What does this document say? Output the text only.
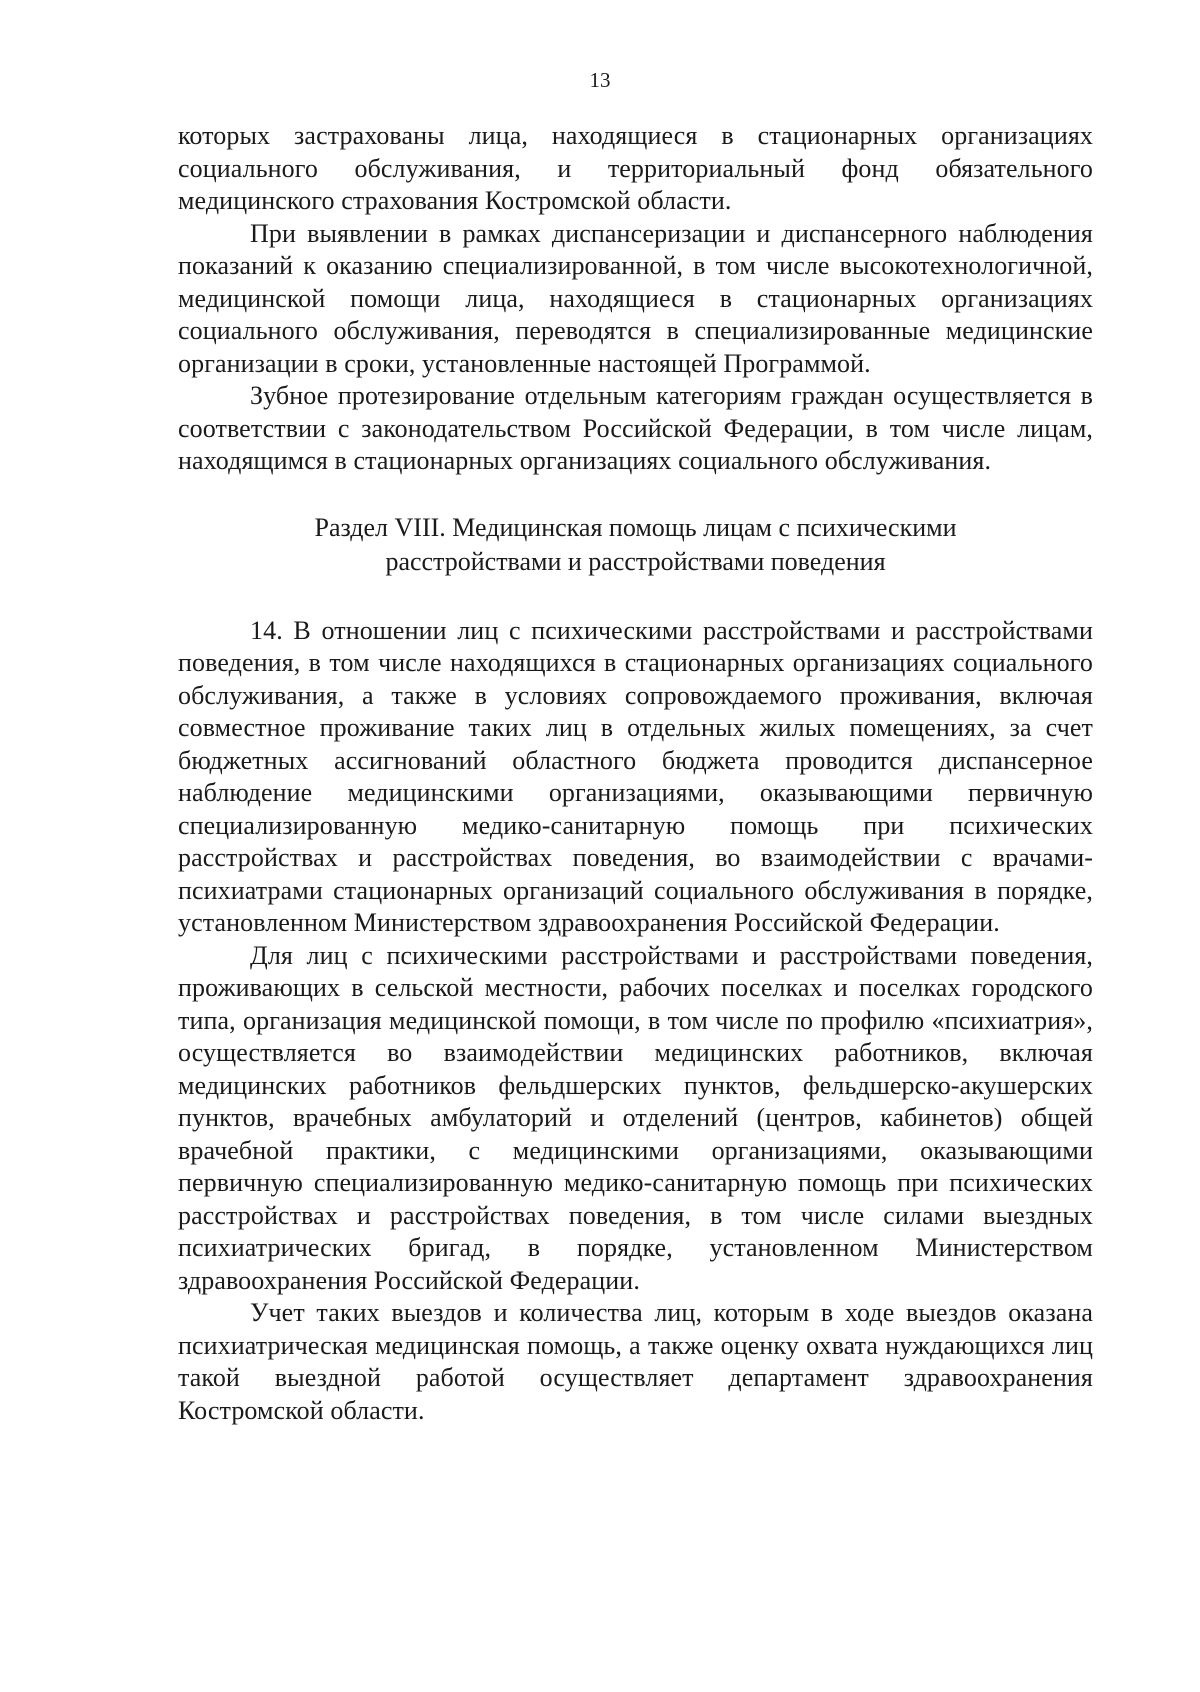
13

которых застрахованы лица, находящиеся в стационарных организациях социального обслуживания, и территориальный фонд обязательного медицинского страхования Костромской области.

При выявлении в рамках диспансеризации и диспансерного наблюдения показаний к оказанию специализированной, в том числе высокотехнологичной, медицинской помощи лица, находящиеся в стационарных организациях социального обслуживания, переводятся в специализированные медицинские организации в сроки, установленные настоящей Программой.

Зубное протезирование отдельным категориям граждан осуществляется в соответствии с законодательством Российской Федерации, в том числе лицам, находящимся в стационарных организациях социального обслуживания.

Раздел VIII. Медицинская помощь лицам с психическими
расстройствами и расстройствами поведения

14. В отношении лиц с психическими расстройствами и расстройствами поведения, в том числе находящихся в стационарных организациях социального обслуживания, а также в условиях сопровождаемого проживания, включая совместное проживание таких лиц в отдельных жилых помещениях, за счет бюджетных ассигнований областного бюджета проводится диспансерное наблюдение медицинскими организациями, оказывающими первичную специализированную медико-санитарную помощь при психических расстройствах и расстройствах поведения, во взаимодействии с врачами-психиатрами стационарных организаций социального обслуживания в порядке, установленном Министерством здравоохранения Российской Федерации.

Для лиц с психическими расстройствами и расстройствами поведения, проживающих в сельской местности, рабочих поселках и поселках городского типа, организация медицинской помощи, в том числе по профилю «психиатрия», осуществляется во взаимодействии медицинских работников, включая медицинских работников фельдшерских пунктов, фельдшерско-акушерских пунктов, врачебных амбулаторий и отделений (центров, кабинетов) общей врачебной практики, с медицинскими организациями, оказывающими первичную специализированную медико-санитарную помощь при психических расстройствах и расстройствах поведения, в том числе силами выездных психиатрических бригад, в порядке, установленном Министерством здравоохранения Российской Федерации.

Учет таких выездов и количества лиц, которым в ходе выездов оказана психиатрическая медицинская помощь, а также оценку охвата нуждающихся лиц такой выездной работой осуществляет департамент здравоохранения Костромской области.
